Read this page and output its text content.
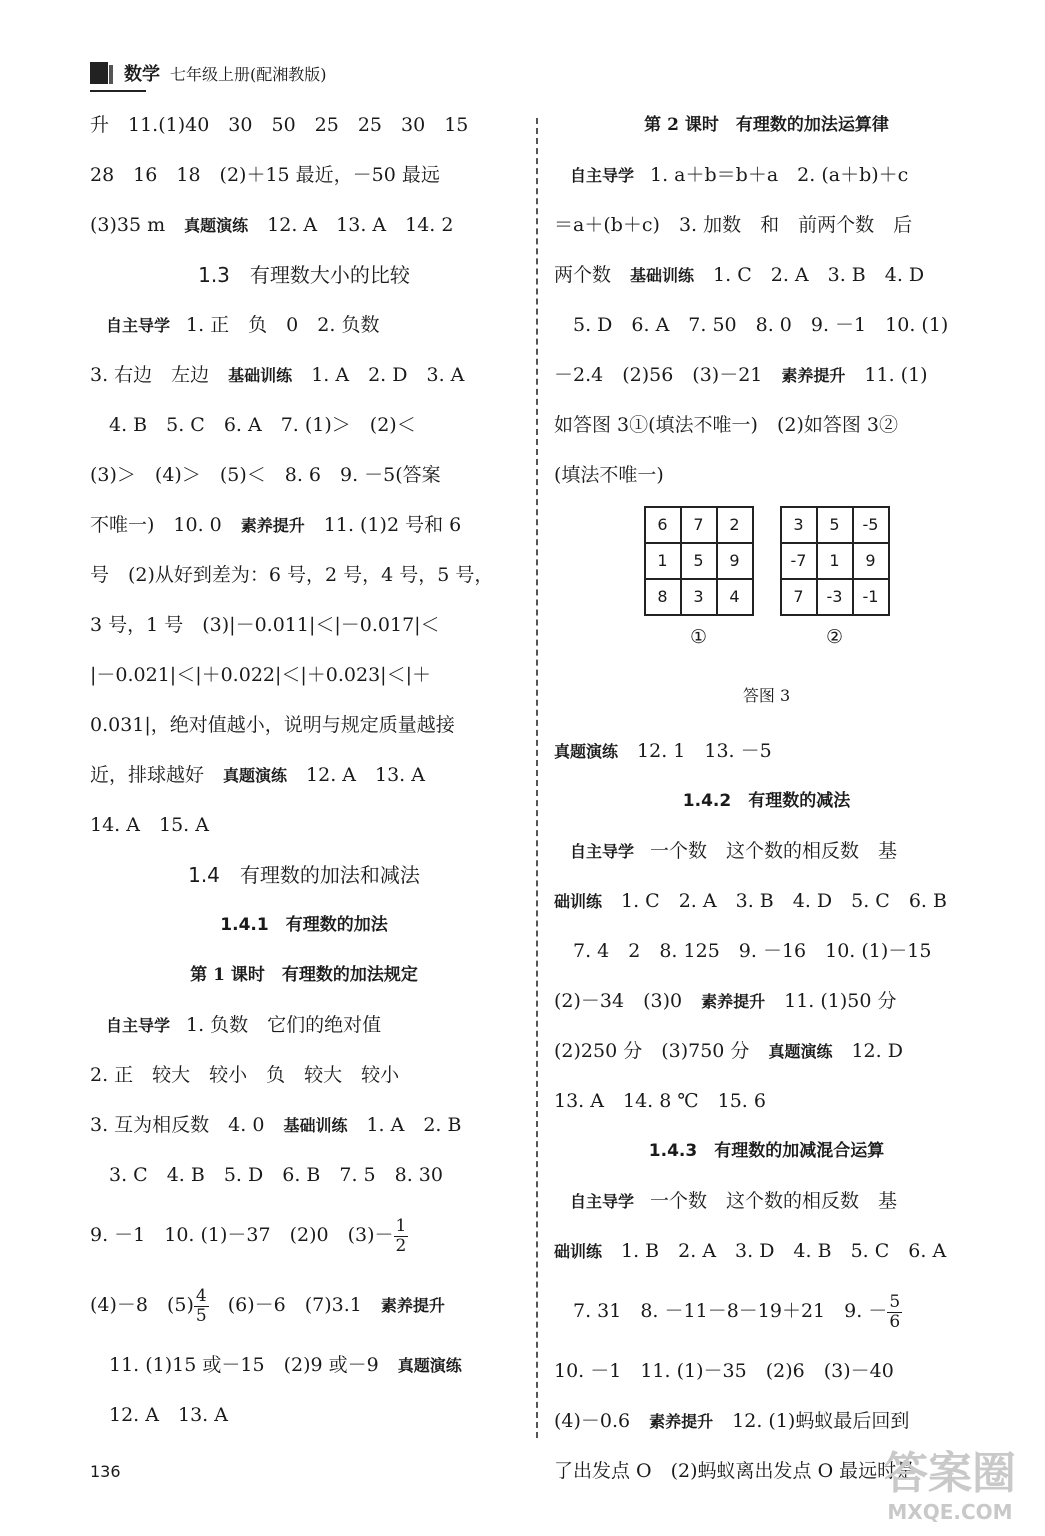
数学 七年级上册(配湘教版)
升　11.(1)40　30　50　25　25　30　15
28　16　18　(2)＋15 最近，－50 最远
(3)35 m　真题演练　12. A　13. A　14. 2
1.3　有理数大小的比较
　自主导学　1. 正　负　0　2. 负数
3. 右边　左边　基础训练　1. A　2. D　3. A
　4. B　5. C　6. A　7. (1)＞　(2)＜
(3)＞　(4)＞　(5)＜　8. 6　9. －5(答案
不唯一)　10. 0　素养提升　11. (1)2 号和 6
号　(2)从好到差为：6 号，2 号，4 号，5 号，
3 号，1 号　(3)|－0.011|＜|－0.017|＜
|－0.021|＜|＋0.022|＜|＋0.023|＜|＋
0.031|，绝对值越小，说明与规定质量越接
近，排球越好　真题演练　12. A　13. A
14. A　15. A
1.4　有理数的加法和减法
1.4.1　有理数的加法
第 1 课时　有理数的加法规定
　自主导学　1. 负数　它们的绝对值
2. 正　较大　较小　负　较大　较小
3. 互为相反数　4. 0　基础训练　1. A　2. B
　3. C　4. B　5. D　6. B　7. 5　8. 30
9. －1　10. (1)－37　(2)0　$(3)- \frac{1}{2}$
(4)－8　$(5) \frac{4}{5}$ 　(6)－6　(7)3.1　素养提升
　11. (1)15 或－15　(2)9 或－9　真题演练
　12. A　13. A
第 2 课时　有理数的加法运算律
　自主导学　1. a＋b＝b＋a　2. (a＋b)＋c
＝a＋(b＋c)　3. 加数　和　前两个数　后
两个数　基础训练　1. C　2. A　3. B　4. D
　5. D　6. A　7. 50　8. 0　9. －1　10. (1)
－2.4　(2)56　(3)－21　素养提升　11. (1)
如答图 3①(填法不唯一)　(2)如答图 3②
(填法不唯一)
6	7	2
1	5	9
8	3	4
①
3	5	-5
-7	1	9
7	-3	-1
②
答图 3
真题演练　12. 1　13. －5
1.4.2　有理数的减法
　自主导学　一个数　这个数的相反数　基
础训练　1. C　2. A　3. B　4. D　5. C　6. B
　7. 4　2　8. 125　9. －16　10. (1)－15
(2)－34　(3)0　素养提升　11. (1)50 分
(2)250 分　(3)750 分　真题演练　12. D
13. A　14. 8 ℃　15. 6
1.4.3　有理数的加减混合运算
　自主导学　一个数　这个数的相反数　基
础训练　1. B　2. A　3. D　4. B　5. C　6. A
　7. 31　8. －11－8－19＋21　9. － $\frac{5}{6}$
10. －1　11. (1)－35　(2)6　(3)－40
(4)－0.6　素养提升　12. (1)蚂蚁最后回到
了出发点 O　(2)蚂蚁离出发点 O 最远时是
136	答案圈
MXQE.COM
